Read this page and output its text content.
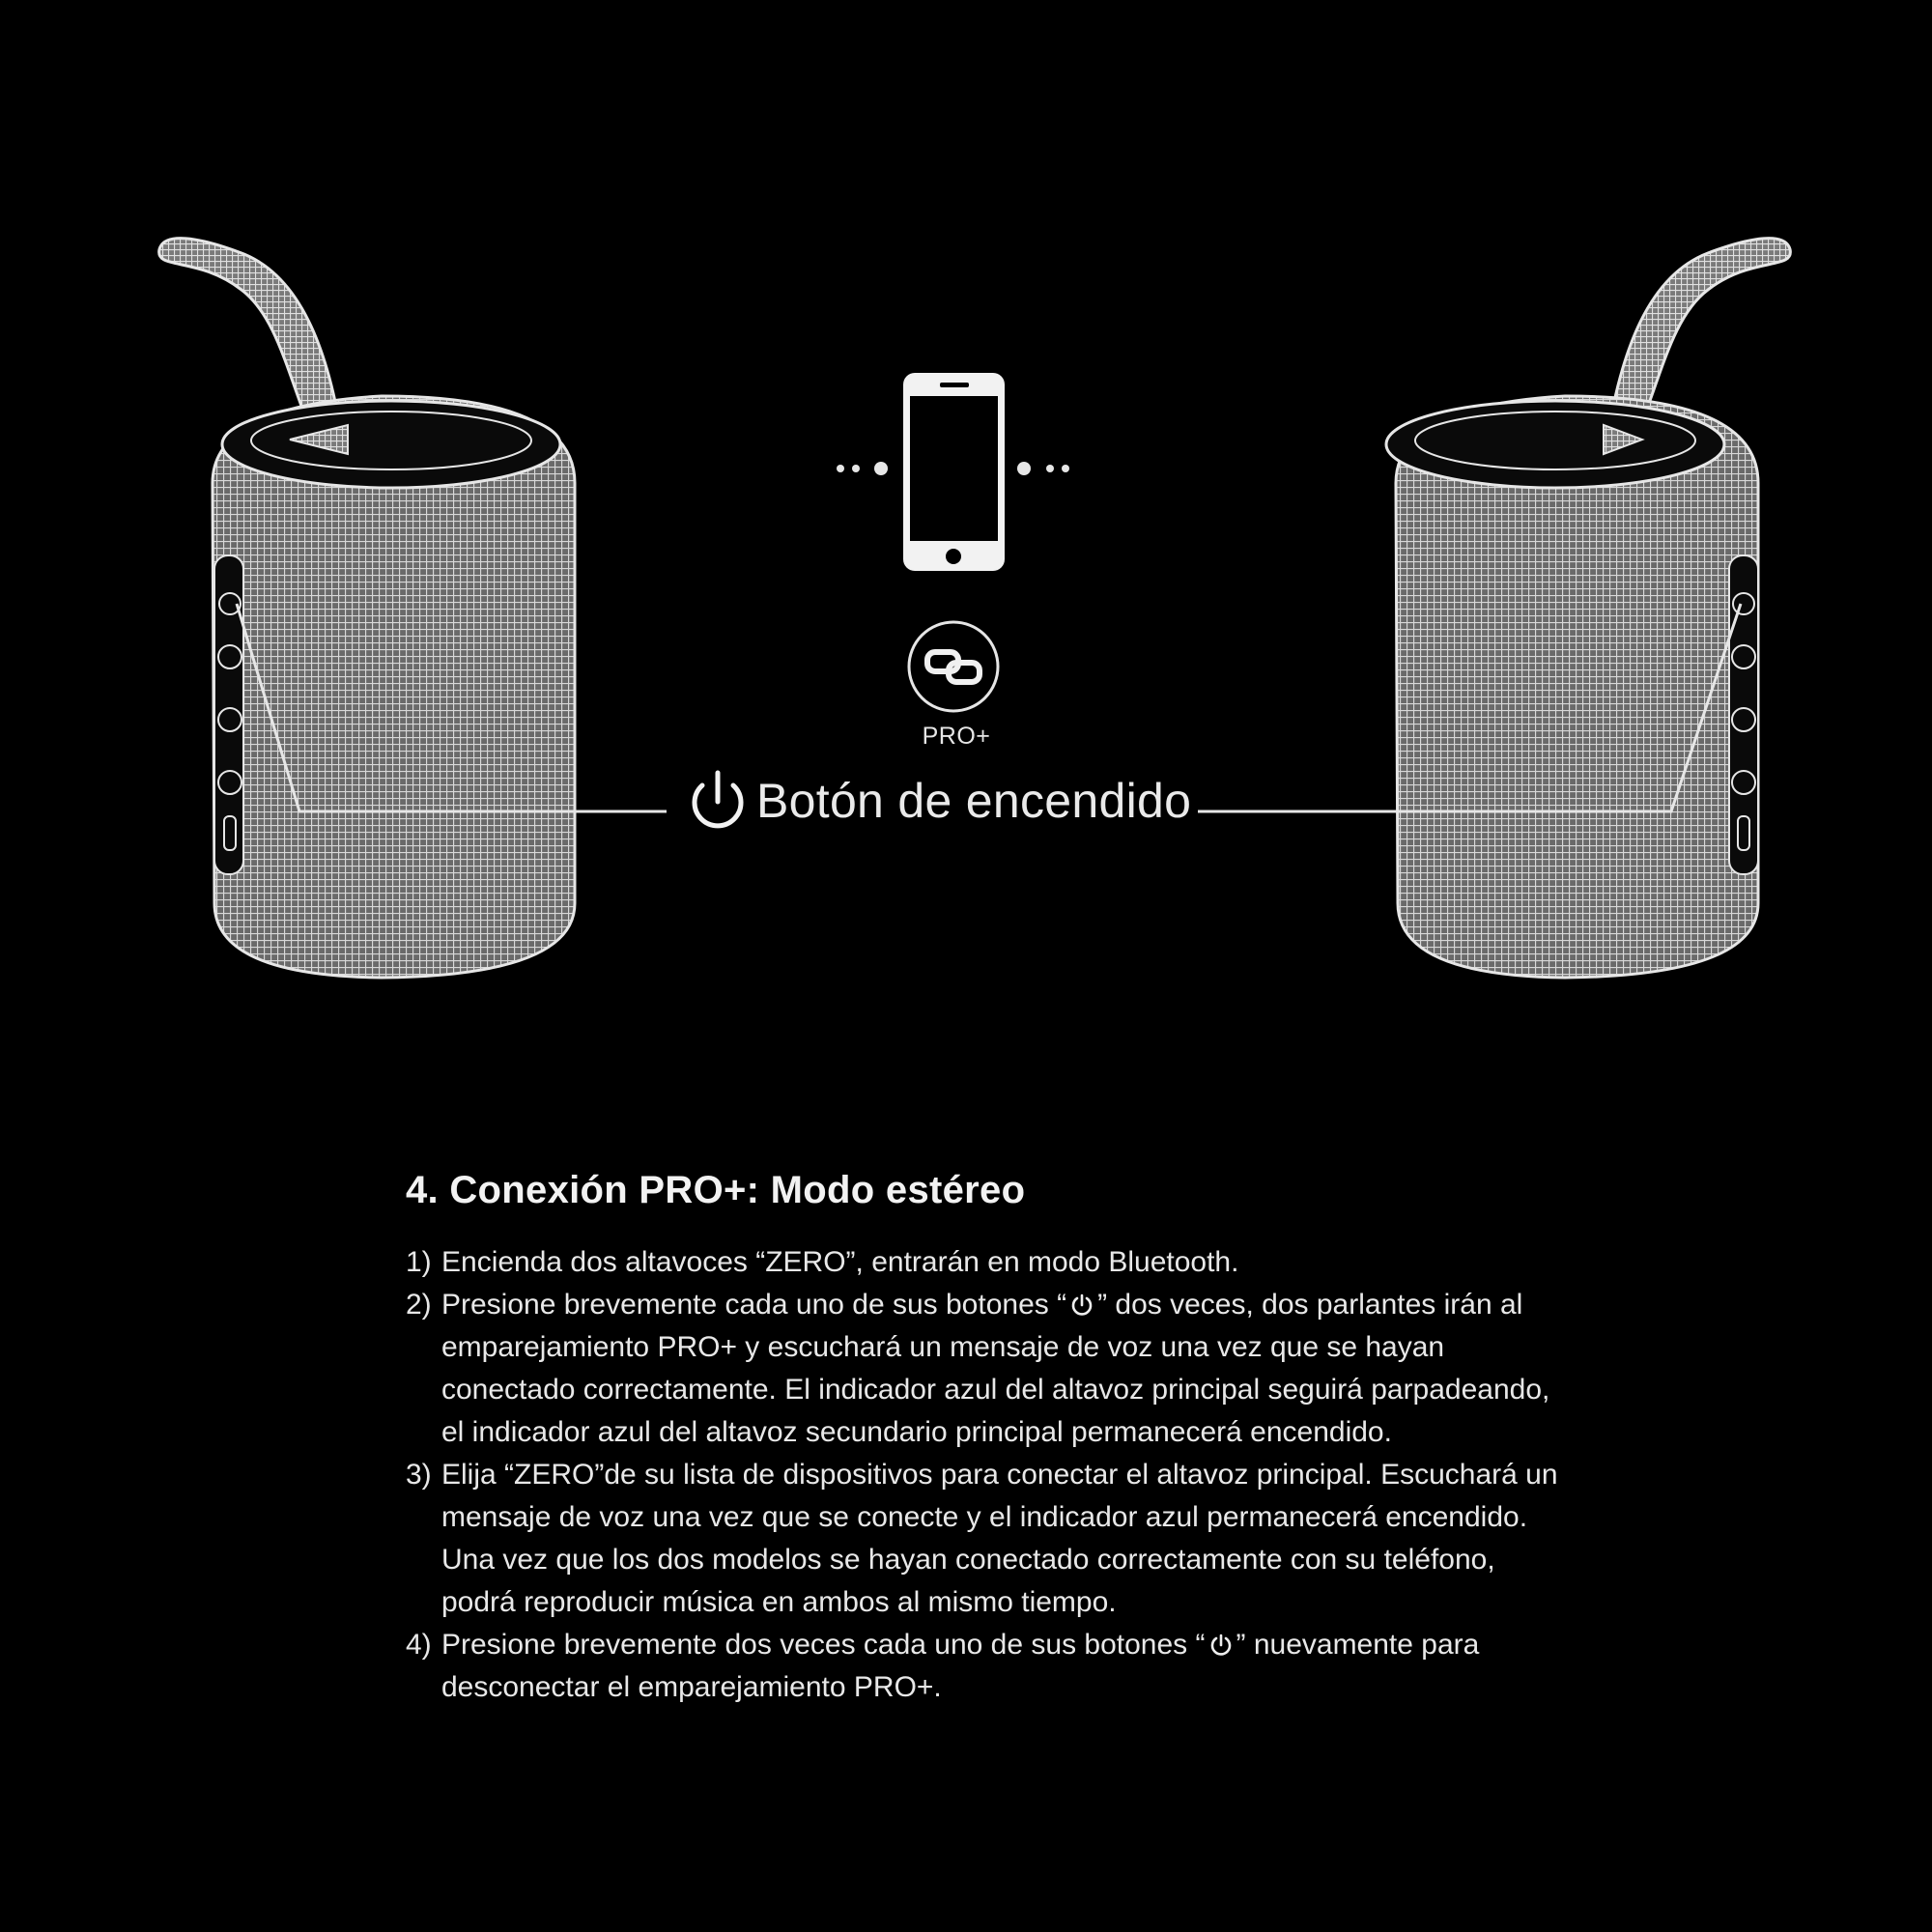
PRO+
Botón de encendido
4. Conexión PRO+: Modo estéreo

1) Encienda dos altavoces “ZERO”, entrarán en modo Bluetooth.

2) Presione brevemente cada uno de sus botones “ ” dos veces, dos parlantes irán al emparejamiento PRO+ y escuchará un mensaje de voz una vez que se hayan conectado correctamente. El indicador azul del altavoz principal seguirá parpadeando, el indicador azul del altavoz secundario principal permanecerá encendido.

3) Elija “ZERO”de su lista de dispositivos para conectar el altavoz principal. Escuchará un mensaje de voz una vez que se conecte y el indicador azul permanecerá encendido. Una vez que los dos modelos se hayan conectado correctamente con su teléfono, podrá reproducir música en ambos al mismo tiempo.

4) Presione brevemente dos veces cada uno de sus botones “ ” nuevamente para desconectar el emparejamiento PRO+.
